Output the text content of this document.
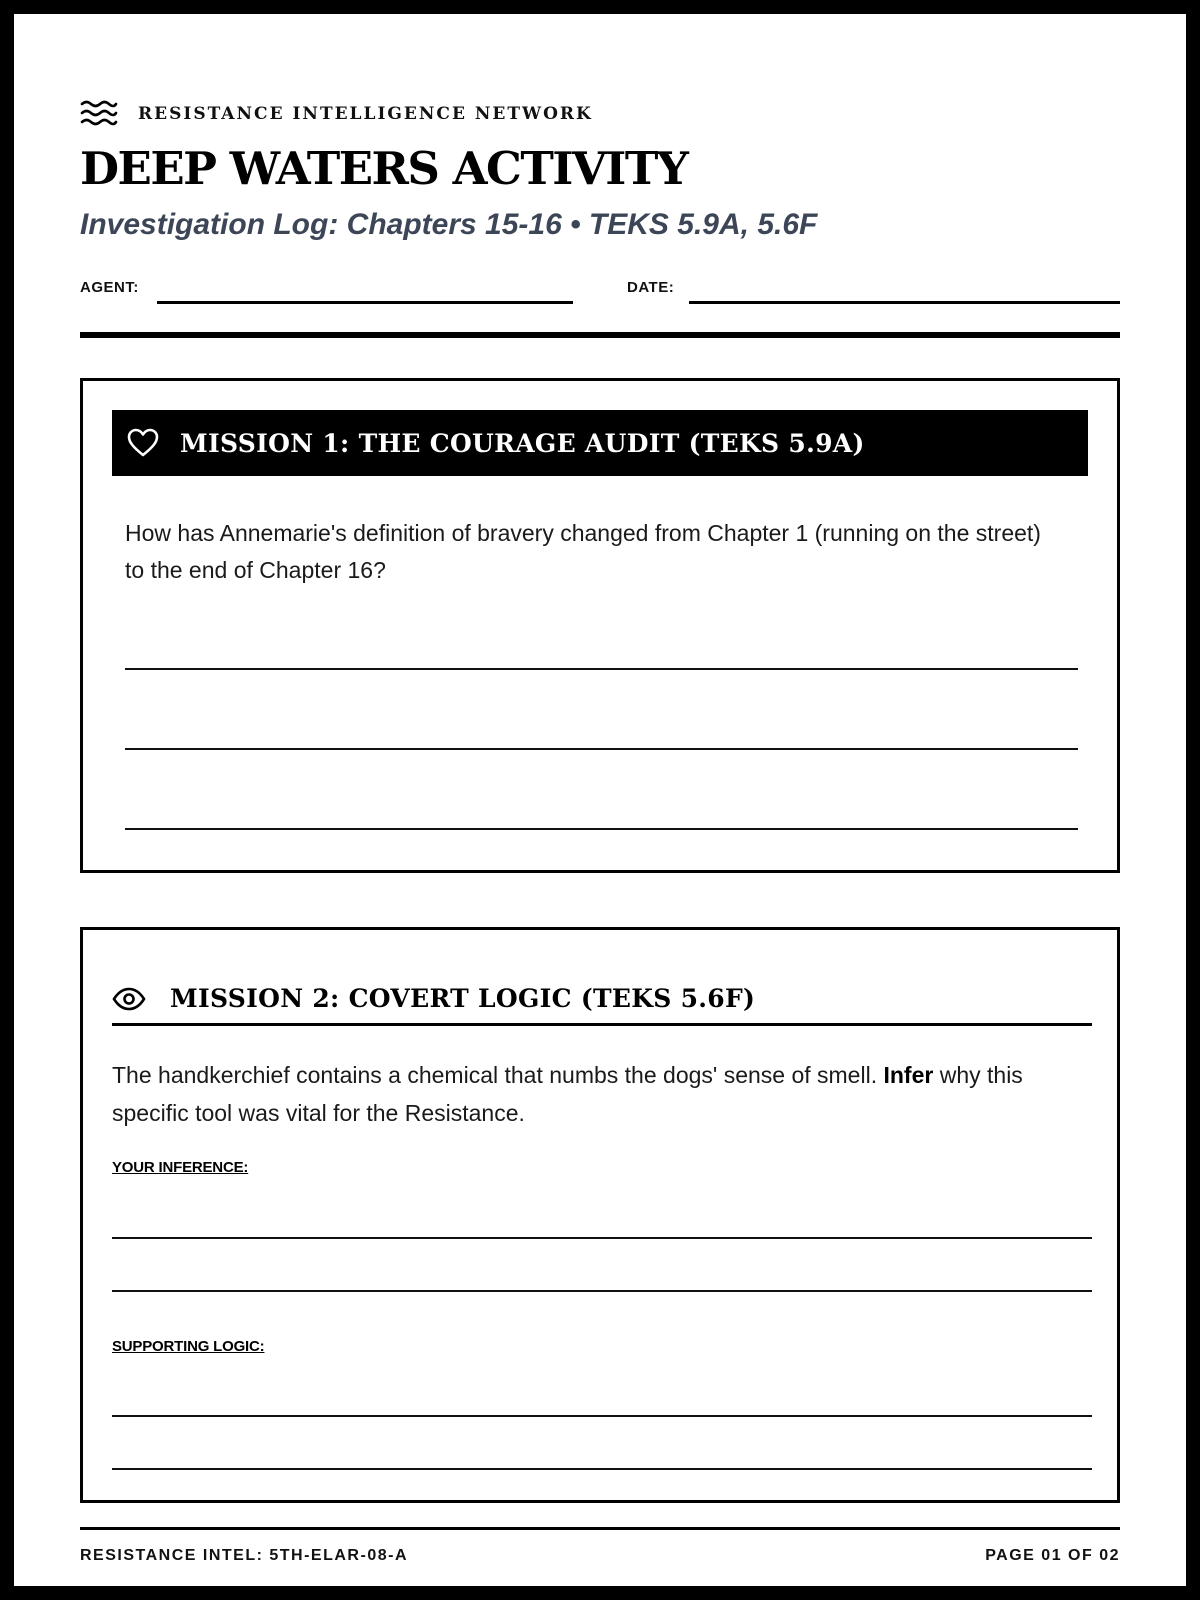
RESISTANCE INTELLIGENCE NETWORK
DEEP WATERS ACTIVITY
Investigation Log: Chapters 15-16 • TEKS 5.9A, 5.6F
AGENT:	DATE:
MISSION 1: THE COURAGE AUDIT (TEKS 5.9A)
How has Annemarie's definition of bravery changed from Chapter 1 (running on the street) to the end of Chapter 16?
MISSION 2: COVERT LOGIC (TEKS 5.6F)
The handkerchief contains a chemical that numbs the dogs' sense of smell. Infer why this specific tool was vital for the Resistance.
YOUR INFERENCE:
SUPPORTING LOGIC:
RESISTANCE INTEL: 5TH-ELAR-08-A	PAGE 01 OF 02
